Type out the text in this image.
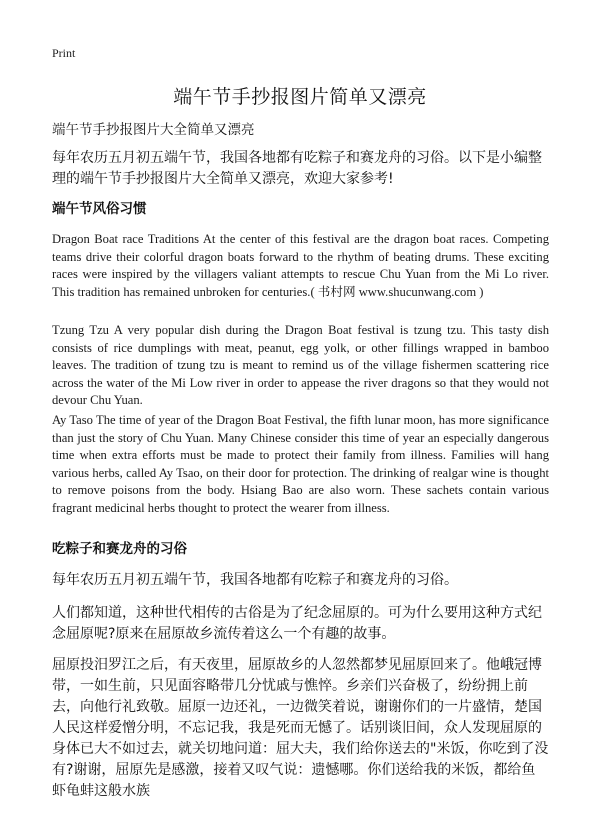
Print
端午节手抄报图片简单又漂亮

端午节手抄报图片大全简单又漂亮

每年农历五月初五端午节，我国各地都有吃粽子和赛龙舟的习俗。以下是小编整理的端午节手抄报图片大全简单又漂亮，欢迎大家参考!

端午节风俗习惯

Dragon Boat race Traditions At the center of this festival are the dragon boat races. Competing teams drive their colorful dragon boats forward to the rhythm of beating drums. These exciting races were inspired by the villagers valiant attempts to rescue Chu Yuan from the Mi Lo river. This tradition has remained unbroken for centuries.( 书村网 www.shucunwang.com )

Tzung Tzu A very popular dish during the Dragon Boat festival is tzung tzu. This tasty dish consists of rice dumplings with meat, peanut, egg yolk, or other fillings wrapped in bamboo leaves. The tradition of tzung tzu is meant to remind us of the village fishermen scattering rice across the water of the Mi Low river in order to appease the river dragons so that they would not devour Chu Yuan.

Ay Taso The time of year of the Dragon Boat Festival, the fifth lunar moon, has more significance than just the story of Chu Yuan. Many Chinese consider this time of year an especially dangerous time when extra efforts must be made to protect their family from illness. Families will hang various herbs, called Ay Tsao, on their door for protection. The drinking of realgar wine is thought to remove poisons from the body. Hsiang Bao are also worn. These sachets contain various fragrant medicinal herbs thought to protect the wearer from illness.

吃粽子和赛龙舟的习俗

每年农历五月初五端午节，我国各地都有吃粽子和赛龙舟的习俗。

人们都知道，这种世代相传的古俗是为了纪念屈原的。可为什么要用这种方式纪念屈原呢?原来在屈原故乡流传着这么一个有趣的故事。

屈原投汨罗江之后，有天夜里，屈原故乡的人忽然都梦见屈原回来了。他峨冠博带，一如生前，只见面容略带几分忧戚与憔悴。乡亲们兴奋极了，纷纷拥上前去，向他行礼致敬。屈原一边还礼，一边微笑着说，谢谢你们的一片盛情，楚国人民这样爱憎分明，不忘记我，我是死而无憾了。话别谈旧间，众人发现屈原的身体已大不如过去，就关切地问道：屈大夫，我们给你送去的"米饭，你吃到了没有?谢谢，屈原先是感激，接着又叹气说：遗憾哪。你们送给我的米饭，都给鱼虾龟蚌这般水族
